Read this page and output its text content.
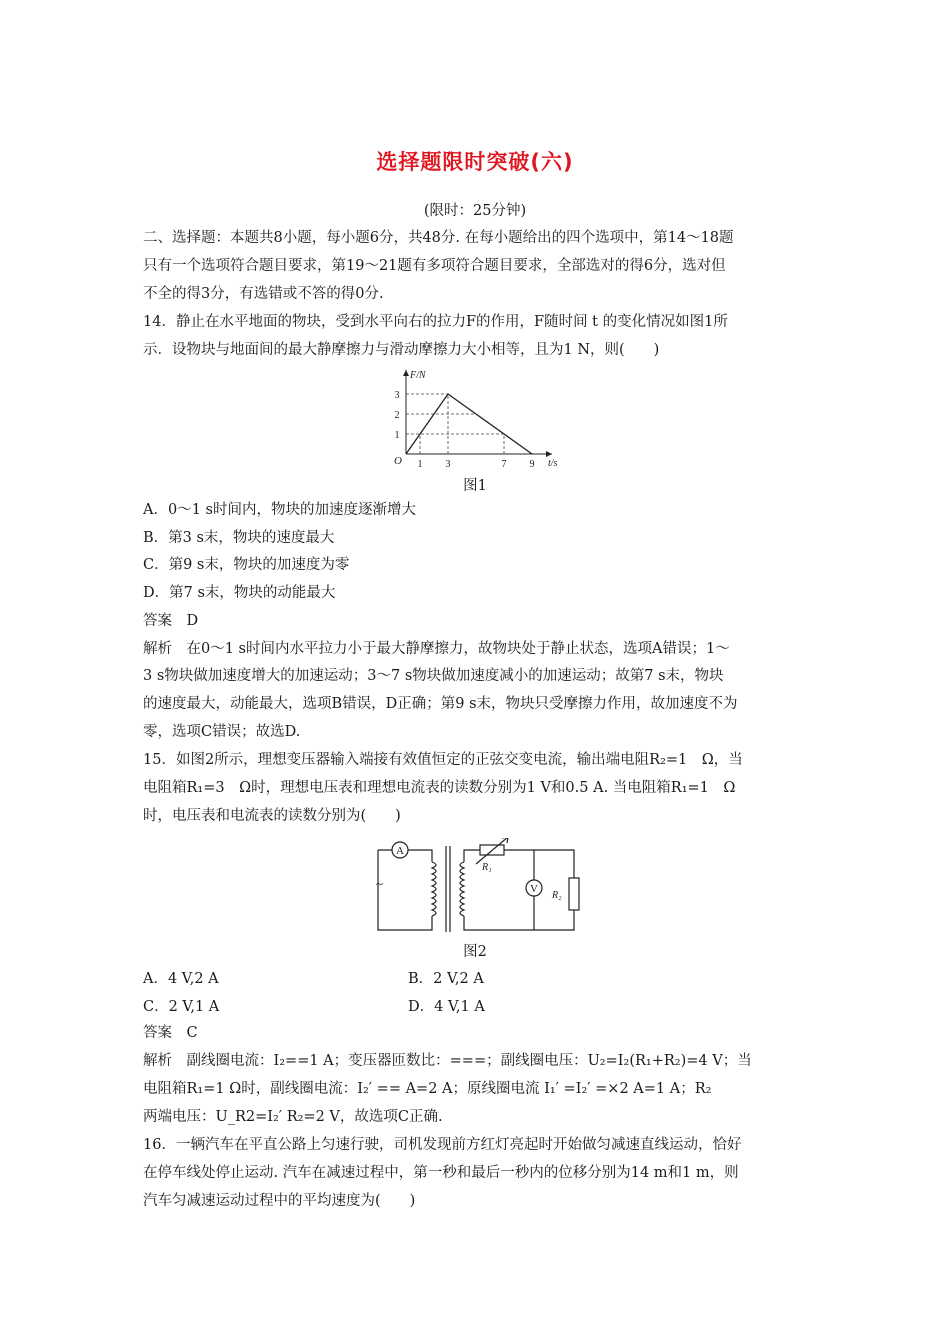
选择题限时突破(六)
(限时：25分钟)
二、选择题：本题共8小题，每小题6分，共48分. 在每小题给出的四个选项中，第14～18题
只有一个选项符合题目要求，第19～21题有多项符合题目要求，全部选对的得6分，选对但
不全的得3分，有选错或不答的得0分.
14．静止在水平地面的物块，受到水平向右的拉力F的作用，F随时间 t 的变化情况如图1所
示．设物块与地面间的最大静摩擦力与滑动摩擦力大小相等，且为1 N，则(　　)
F/N
t/s
O
1
2
3
1 3	7 9
图1
A．0～1 s时间内，物块的加速度逐渐增大
B．第3 s末，物块的速度最大
C．第9 s末，物块的加速度为零
D．第7 s末，物块的动能最大
答案　D
解析　在0～1 s时间内水平拉力小于最大静摩擦力，故物块处于静止状态，选项A错误；1～
3 s物块做加速度增大的加速运动；3～7 s物块做加速度减小的加速运动；故第7 s末，物块
的速度最大，动能最大，选项B错误，D正确；第9 s末，物块只受摩擦力作用，故加速度不为
零，选项C错误；故选D.
15．如图2所示，理想变压器输入端接有效值恒定的正弦交变电流，输出端电阻R₂=1　Ω，当
电阻箱R₁=3　Ω时，理想电压表和理想电流表的读数分别为1 V和0.5 A. 当电阻箱R₁=1　Ω
时，电压表和电流表的读数分别为(　　)
A
~
R₁
V
R₂
图2
A．4 V,2 A	B．2 V,2 A
C．2 V,1 A	D．4 V,1 A
答案　C
解析　副线圈电流：I₂==1 A；变压器匝数比：===；副线圈电压：U₂=I₂(R₁+R₂)=4 V；当
电阻箱R₁=1 Ω时，副线圈电流：I₂′ == A=2 A；原线圈电流 I₁′ =I₂′ =×2 A=1 A；R₂
两端电压：U_R2=I₂′ R₂=2 V，故选项C正确.
16．一辆汽车在平直公路上匀速行驶，司机发现前方红灯亮起时开始做匀减速直线运动，恰好
在停车线处停止运动. 汽车在减速过程中，第一秒和最后一秒内的位移分别为14 m和1 m，则
汽车匀减速运动过程中的平均速度为(　　)
